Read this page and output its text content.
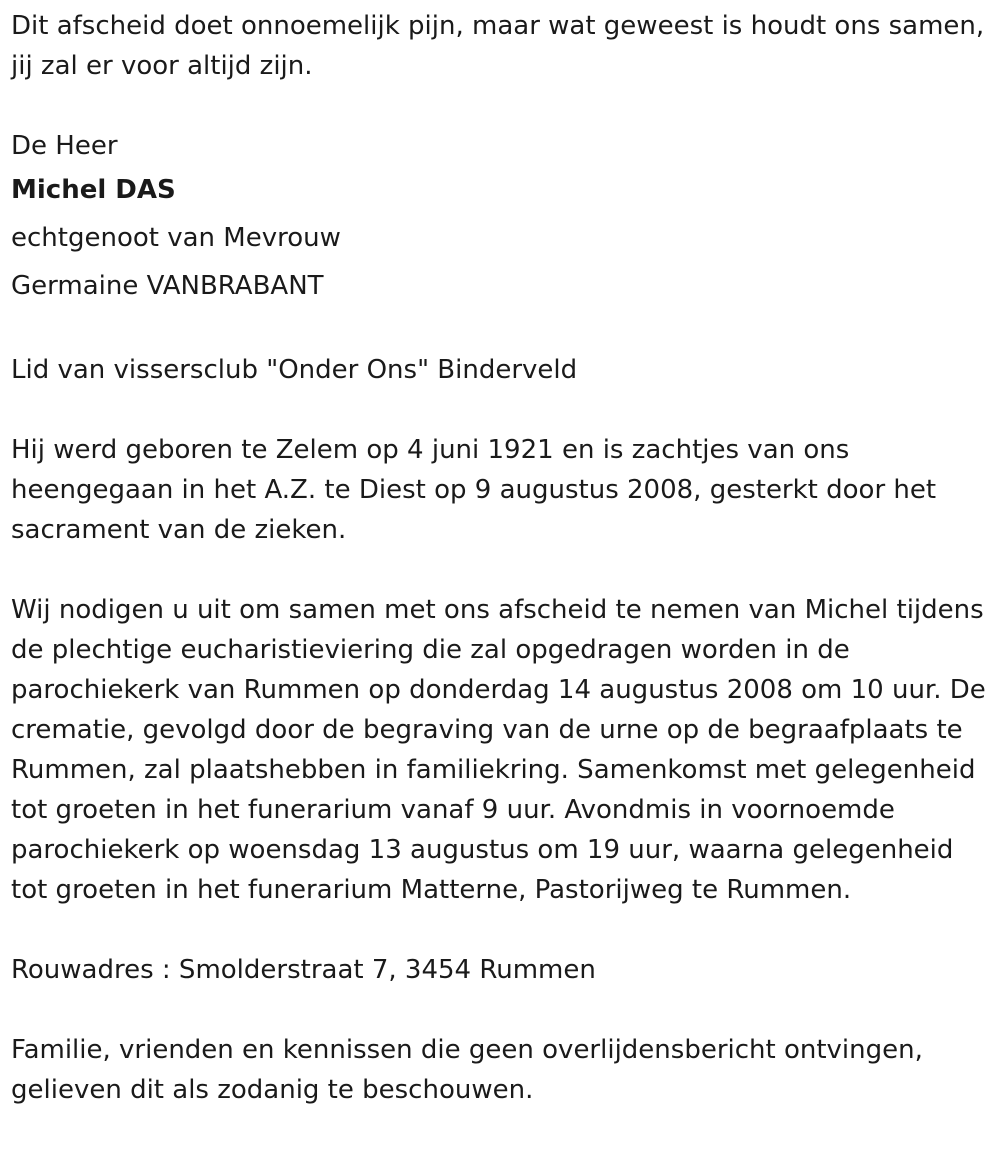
Dit afscheid doet onnoemelijk pijn, maar wat geweest is houdt ons samen, jij zal er voor altijd zijn.

De Heer

Michel DAS

echtgenoot van Mevrouw

Germaine VANBRABANT

Lid van vissersclub "Onder Ons" Binderveld

Hij werd geboren te Zelem op 4 juni 1921 en is zachtjes van ons heengegaan in het A.Z. te Diest op 9 augustus 2008, gesterkt door het sacrament van de zieken.

Wij nodigen u uit om samen met ons afscheid te nemen van Michel tijdens de plechtige eucharistieviering die zal opgedragen worden in de parochiekerk van Rummen op donderdag 14 augustus 2008 om 10 uur. De crematie, gevolgd door de begraving van de urne op de begraafplaats te Rummen, zal plaatshebben in familiekring. Samenkomst met gelegenheid tot groeten in het funerarium vanaf 9 uur. Avondmis in voornoemde parochiekerk op woensdag 13 augustus om 19 uur, waarna gelegenheid tot groeten in het funerarium Matterne, Pastorijweg te Rummen.

Rouwadres : Smolderstraat 7, 3454 Rummen

Familie, vrienden en kennissen die geen overlijdensbericht ontvingen, gelieven dit als zodanig te beschouwen.
